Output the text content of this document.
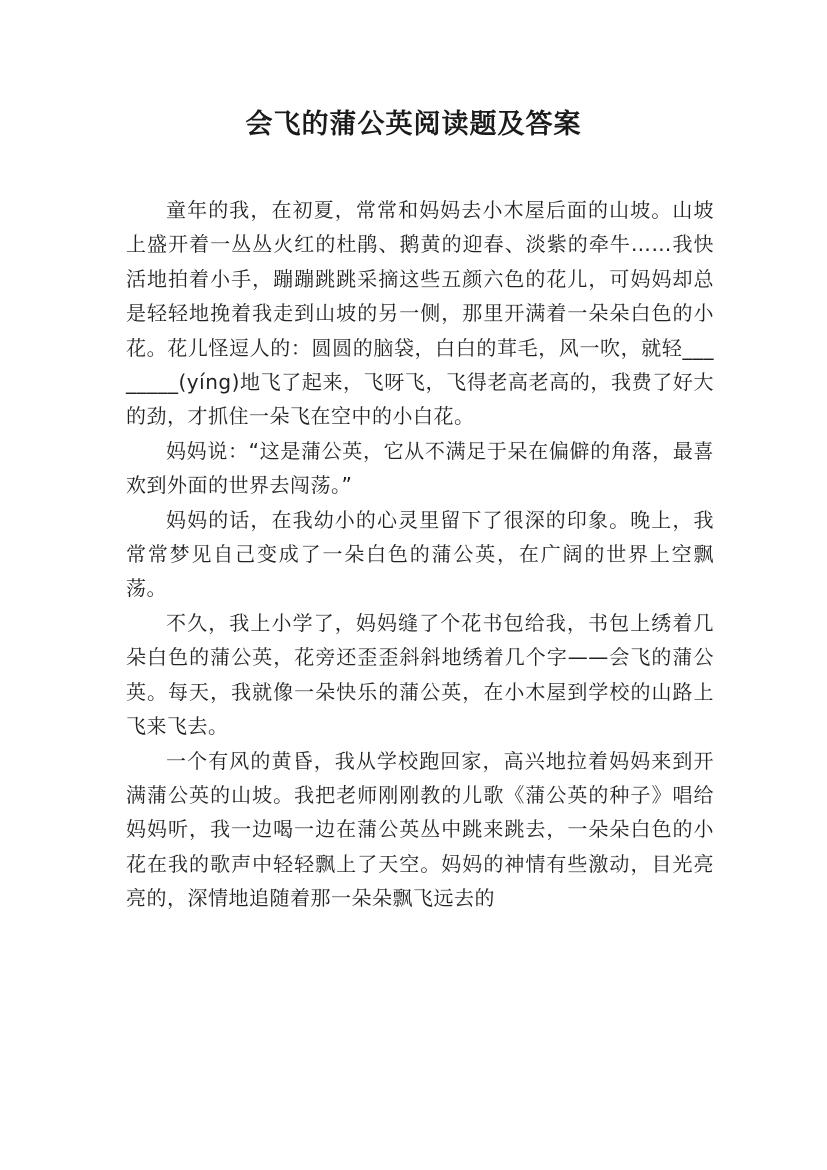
会飞的蒲公英阅读题及答案

童年的我，在初夏，常常和妈妈去小木屋后面的山坡。山坡上盛开着一丛丛火红的杜鹃、鹅黄的迎春、淡紫的牵牛……我快活地拍着小手，蹦蹦跳跳采摘这些五颜六色的花儿，可妈妈却总是轻轻地挽着我走到山坡的另一侧，那里开满着一朵朵白色的小花。花儿怪逗人的：圆圆的脑袋，白白的茸毛，风一吹，就轻________(yíng)地飞了起来，飞呀飞，飞得老高老高的，我费了好大的劲，才抓住一朵飞在空中的小白花。

妈妈说：“这是蒲公英，它从不满足于呆在偏僻的角落，最喜欢到外面的世界去闯荡。”

妈妈的话，在我幼小的心灵里留下了很深的印象。晚上，我常常梦见自己变成了一朵白色的蒲公英，在广阔的世界上空飘荡。

不久，我上小学了，妈妈缝了个花书包给我，书包上绣着几朵白色的蒲公英，花旁还歪歪斜斜地绣着几个字——会飞的蒲公英。每天，我就像一朵快乐的蒲公英，在小木屋到学校的山路上飞来飞去。

一个有风的黄昏，我从学校跑回家，高兴地拉着妈妈来到开满蒲公英的山坡。我把老师刚刚教的儿歌《蒲公英的种子》唱给妈妈听，我一边喝一边在蒲公英丛中跳来跳去，一朵朵白色的小花在我的歌声中轻轻飘上了天空。妈妈的神情有些激动，目光亮亮的，深情地追随着那一朵朵飘飞远去的
